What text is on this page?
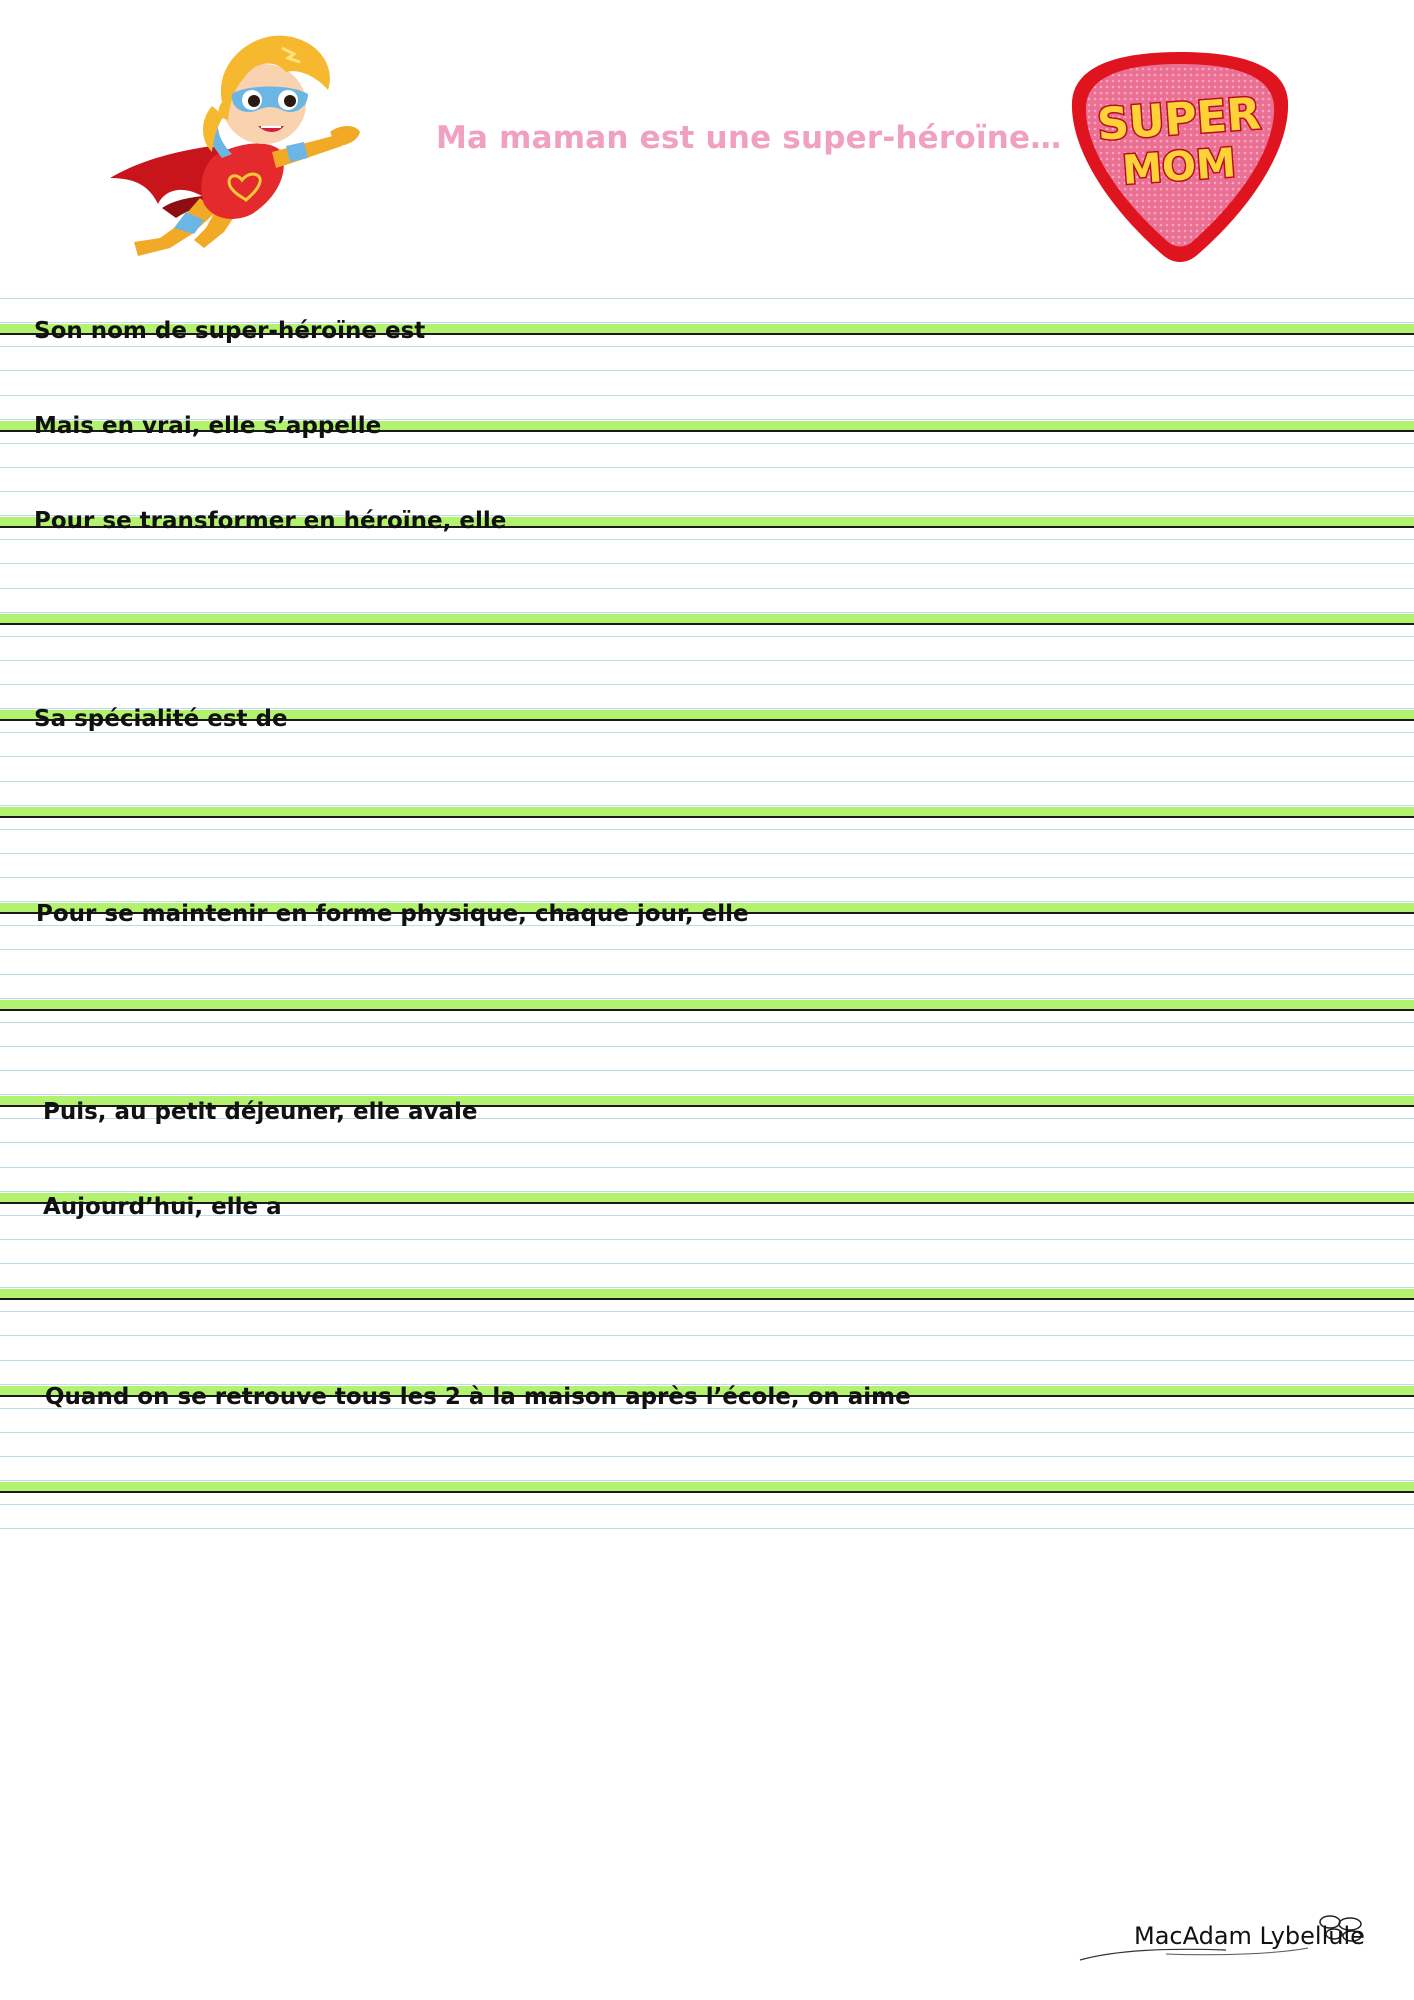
Ma maman est une super-héroïne… SUPER
MOM
Son nom de super-héroïne est
Mais en vrai, elle s’appelle
Pour se transformer en héroïne, elle
Sa spécialité est de
Pour se maintenir en forme physique, chaque jour, elle
Puis, au petit déjeuner, elle avale
Aujourd’hui, elle a
Quand on se retrouve tous les 2 à la maison après l’école, on aime
MacAdam Lybellule
